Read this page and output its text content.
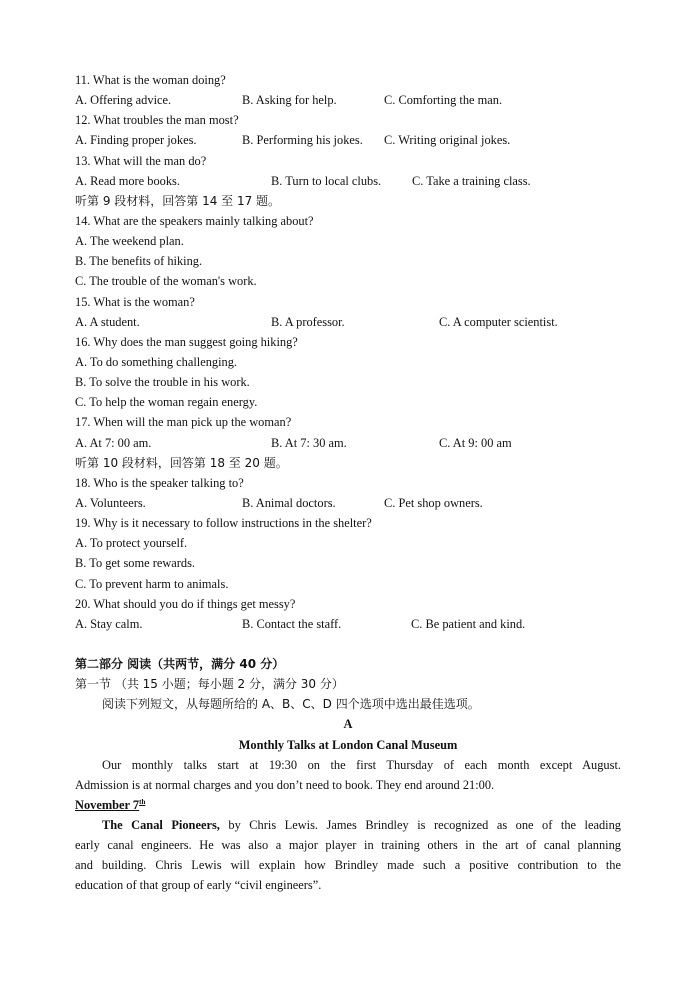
11. What is the woman doing?
A. Offering advice.	B. Asking for help.	C. Comforting the man.
12. What troubles the man most?
A. Finding proper jokes.	B. Performing his jokes. C. Writing original jokes.
13. What will the man do?
A. Read more books.	B. Turn to local clubs. C. Take a training class.
听第 9 段材料，回答第 14 至 17 题。
14. What are the speakers mainly talking about?
A. The weekend plan.
B. The benefits of hiking.
C. The trouble of the woman's work.
15. What is the woman?
A. A student.	B. A professor.	C. A computer scientist.
16. Why does the man suggest going hiking?
A. To do something challenging.
B. To solve the trouble in his work.
C. To help the woman regain energy.
17. When will the man pick up the woman?
A. At 7: 00 am.	B. At 7: 30 am.	C. At 9: 00 am
听第 10 段材料，回答第 18 至 20 题。
18. Who is the speaker talking to?
A. Volunteers.	B. Animal doctors.	C. Pet shop owners.
19. Why is it necessary to follow instructions in the shelter?
A. To protect yourself.
B. To get some rewards.
C. To prevent harm to animals.
20. What should you do if things get messy?
A. Stay calm.	B. Contact the staff.	C. Be patient and kind.
第二部分 阅读（共两节，满分 40 分）
第一节 （共 15 小题；每小题 2 分，满分 30 分）
阅读下列短文，从每题所给的 A、B、C、D 四个选项中选出最佳选项。
A
Monthly Talks at London Canal Museum
Our monthly talks start at 19:30 on the first Thursday of each month except August.
Admission is at normal charges and you don’t need to book. They end around 21:00.
November 7th
The Canal Pioneers, by Chris Lewis. James Brindley is recognized as one of the leading
early canal engineers. He was also a major player in training others in the art of canal planning
and building. Chris Lewis will explain how Brindley made such a positive contribution to the
education of that group of early “civil engineers”.
